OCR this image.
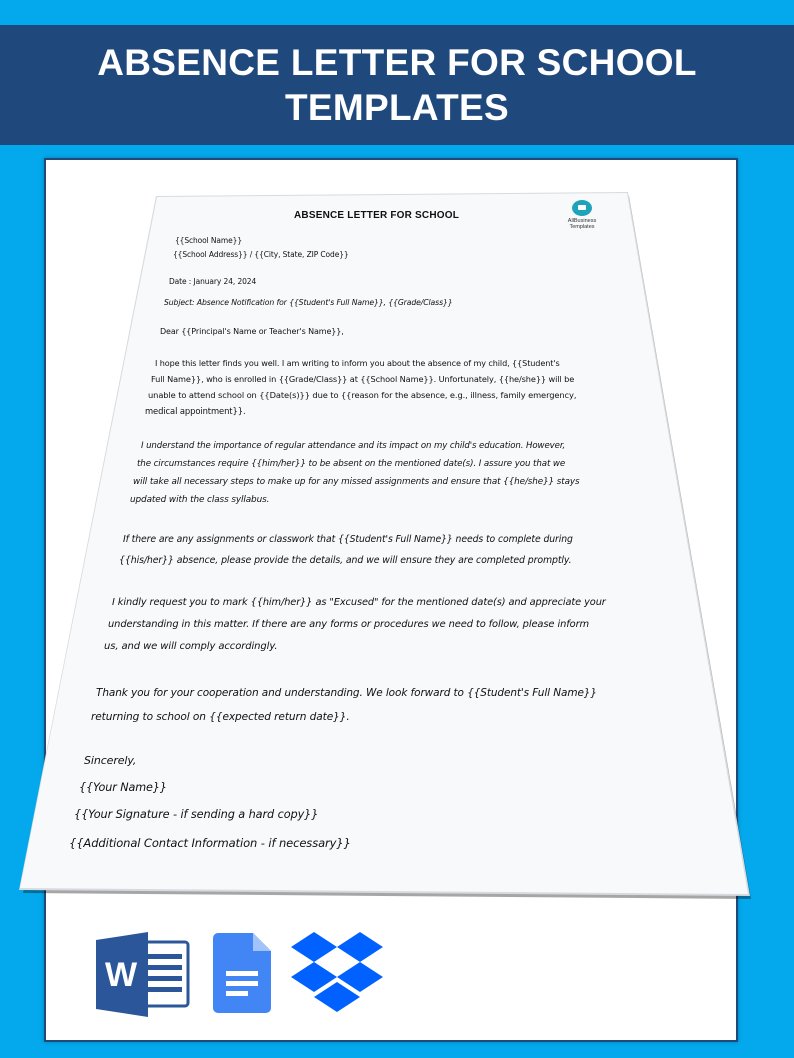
ABSENCE LETTER FOR SCHOOL TEMPLATES
ABSENCE LETTER FOR SCHOOL	AllBusiness
Templates
{{School Name}}
{{School Address}} / {{City, State, ZIP Code}}
Date : January 24, 2024
Subject: Absence Notification for {{Student's Full Name}}, {{Grade/Class}}
Dear {{Principal's Name or Teacher's Name}},
I hope this letter finds you well. I am writing to inform you about the absence of my child, {{Student's
Full Name}}, who is enrolled in {{Grade/Class}} at {{School Name}}. Unfortunately, {{he/she}} will be
unable to attend school on {{Date(s)}} due to {{reason for the absence, e.g., illness, family emergency,
medical appointment}}.
I understand the importance of regular attendance and its impact on my child's education. However,
the circumstances require {{him/her}} to be absent on the mentioned date(s). I assure you that we
will take all necessary steps to make up for any missed assignments and ensure that {{he/she}} stays
updated with the class syllabus.
If there are any assignments or classwork that {{Student's Full Name}} needs to complete during
{{his/her}} absence, please provide the details, and we will ensure they are completed promptly.
I kindly request you to mark {{him/her}} as "Excused" for the mentioned date(s) and appreciate your
understanding in this matter. If there are any forms or procedures we need to follow, please inform
us, and we will comply accordingly.
Thank you for your cooperation and understanding. We look forward to {{Student's Full Name}}
returning to school on {{expected return date}}.
Sincerely,
{{Your Name}}
{{Your Signature - if sending a hard copy}}
{{Additional Contact Information - if necessary}}
W
